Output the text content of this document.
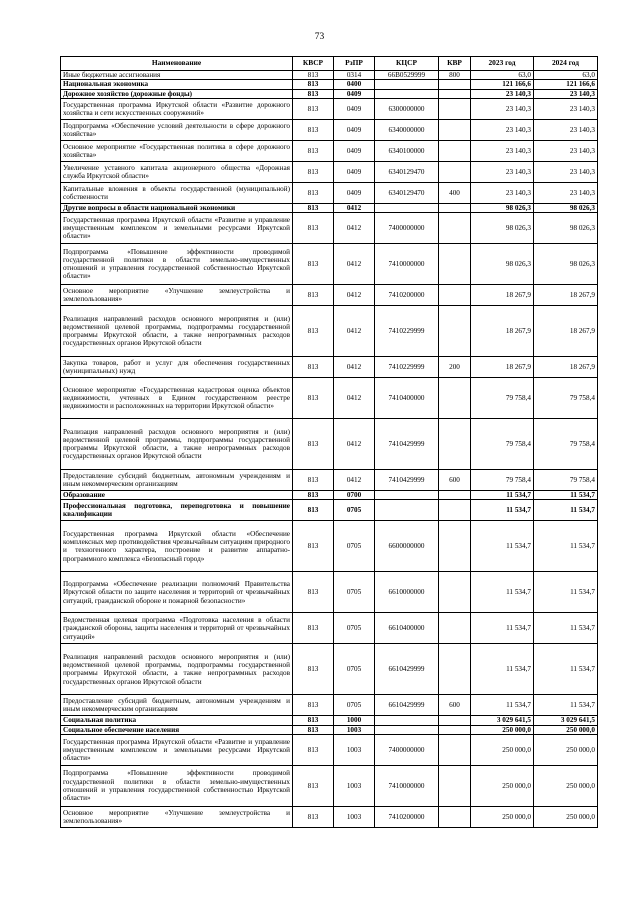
73
Наименование	КВСР	РзПР	КЦСР	КВР	2023 год	2024 год
Иные бюджетные ассигнования	813	0314	66В0529999	800	63,0	63,0
Национальная экономика	813	0400			121 166,6	121 166,6
Дорожное хозяйство (дорожные фонды)	813	0409			23 140,3	23 140,3
Государственная программа Иркутской области «Развитие дорожного хозяйства и сети искусственных сооружений»	813	0409	6300000000		23 140,3	23 140,3
Подпрограмма «Обеспечение условий деятельности в сфере дорожного хозяйства»	813	0409	6340000000		23 140,3	23 140,3
Основное мероприятие «Государственная политика в сфере дорожного хозяйства»	813	0409	6340100000		23 140,3	23 140,3
Увеличение уставного капитала акционерного общества «Дорожная служба Иркутской области»	813	0409	6340129470		23 140,3	23 140,3
Капитальные вложения в объекты государственной (муниципальной) собственности	813	0409	6340129470	400	23 140,3	23 140,3
Другие вопросы в области национальной экономики	813	0412			98 026,3	98 026,3
Государственная программа Иркутской области «Развитие и управление имущественным комплексом и земельными ресурсами Иркутской области»	813	0412	7400000000		98 026,3	98 026,3
Подпрограмма «Повышение эффективности проводимой государственной политики в области земельно-имущественных отношений и управления государственной собственностью Иркутской области»	813	0412	7410000000		98 026,3	98 026,3
Основное мероприятие «Улучшение землеустройства и землепользования»	813	0412	7410200000		18 267,9	18 267,9
Реализация направлений расходов основного мероприятия и (или) ведомственной целевой программы, подпрограммы государственной программы Иркутской области, а также непрограммных расходов государственных органов Иркутской области	813	0412	7410229999		18 267,9	18 267,9
Закупка товаров, работ и услуг для обеспечения государственных (муниципальных) нужд	813	0412	7410229999	200	18 267,9	18 267,9
Основное мероприятие «Государственная кадастровая оценка объектов недвижимости, учтенных в Едином государственном реестре недвижимости и расположенных на территории Иркутской области»	813	0412	7410400000		79 758,4	79 758,4
Реализация направлений расходов основного мероприятия и (или) ведомственной целевой программы, подпрограммы государственной программы Иркутской области, а также непрограммных расходов государственных органов Иркутской области	813	0412	7410429999		79 758,4	79 758,4
Предоставление субсидий бюджетным, автономным учреждениям и иным некоммерческим организациям	813	0412	7410429999	600	79 758,4	79 758,4
Образование	813	0700			11 534,7	11 534,7
Профессиональная подготовка, переподготовка и повышение квалификации	813	0705			11 534,7	11 534,7
Государственная программа Иркутской области «Обеспечение комплексных мер противодействия чрезвычайным ситуациям природного и техногенного характера, построение и развитие аппаратно-программного комплекса «Безопасный город»	813	0705	6600000000		11 534,7	11 534,7
Подпрограмма «Обеспечение реализации полномочий Правительства Иркутской области по защите населения и территорий от чрезвычайных ситуаций, гражданской обороне и пожарной безопасности»	813	0705	6610000000		11 534,7	11 534,7
Ведомственная целевая программа «Подготовка населения в области гражданской обороны, защиты населения и территорий от чрезвычайных ситуаций»	813	0705	6610400000		11 534,7	11 534,7
Реализация направлений расходов основного мероприятия и (или) ведомственной целевой программы, подпрограммы государственной программы Иркутской области, а также непрограммных расходов государственных органов Иркутской области	813	0705	6610429999		11 534,7	11 534,7
Предоставление субсидий бюджетным, автономным учреждениям и иным некоммерческим организациям	813	0705	6610429999	600	11 534,7	11 534,7
Социальная политика	813	1000			3 029 641,5	3 029 641,5
Социальное обеспечение населения	813	1003			250 000,0	250 000,0
Государственная программа Иркутской области «Развитие и управление имущественным комплексом и земельными ресурсами Иркутской области»	813	1003	7400000000		250 000,0	250 000,0
Подпрограмма «Повышение эффективности проводимой государственной политики в области земельно-имущественных отношений и управления государственной собственностью Иркутской области»	813	1003	7410000000		250 000,0	250 000,0
Основное мероприятие «Улучшение землеустройства и землепользования»	813	1003	7410200000		250 000,0	250 000,0
